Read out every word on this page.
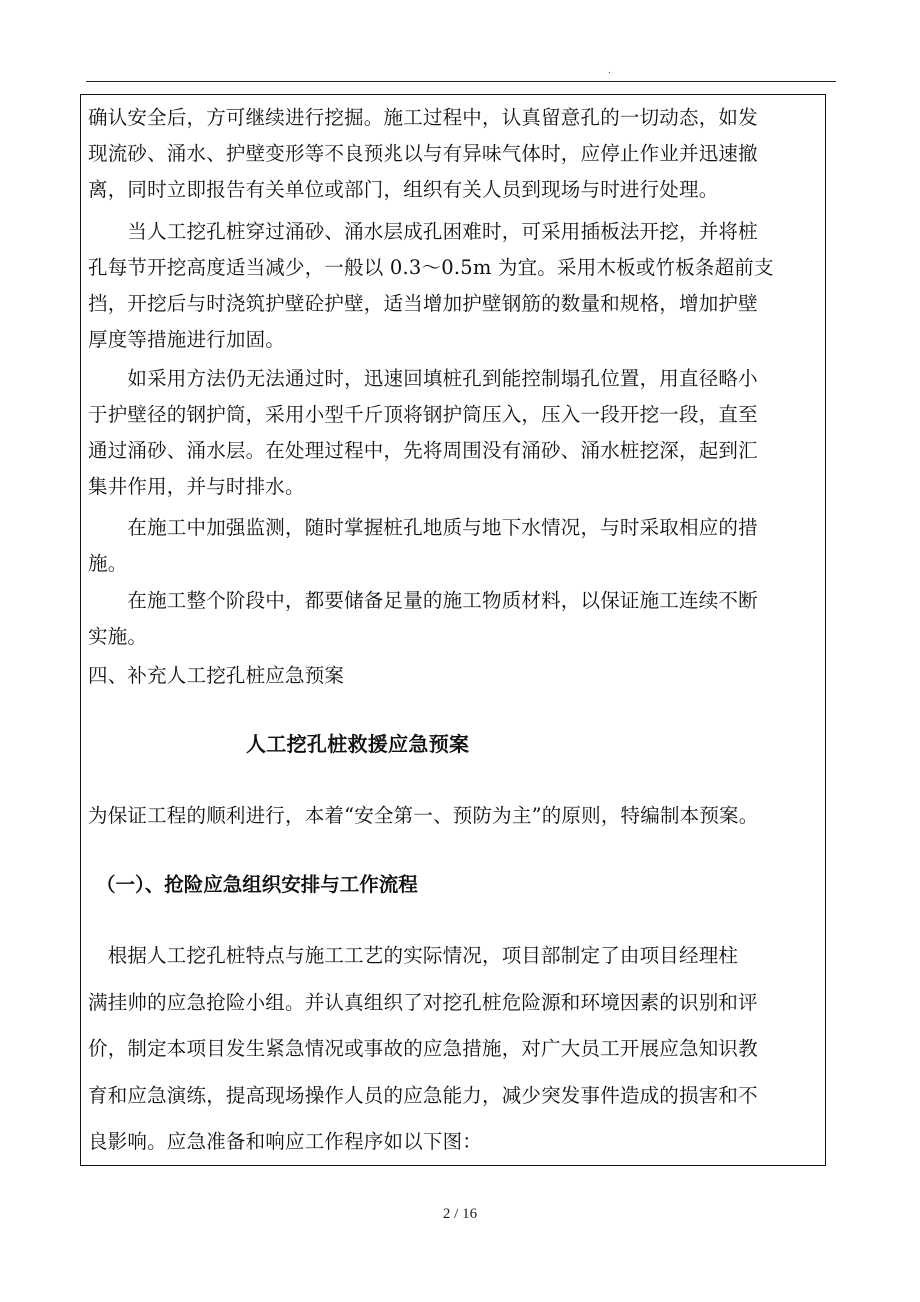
.
确认安全后，方可继续进行挖掘。施工过程中，认真留意孔的一切动态，如发
现流砂、涌水、护壁变形等不良预兆以与有异味气体时，应停止作业并迅速撤
离，同时立即报告有关单位或部门，组织有关人员到现场与时进行处理。
　　当人工挖孔桩穿过涌砂、涌水层成孔困难时，可采用插板法开挖，并将桩
孔每节开挖高度适当减少，一般以 0.3～0.5m 为宜。采用木板或竹板条超前支
挡，开挖后与时浇筑护壁砼护壁，适当增加护壁钢筋的数量和规格，增加护壁
厚度等措施进行加固。
　　如采用方法仍无法通过时，迅速回填桩孔到能控制塌孔位置，用直径略小
于护壁径的钢护筒，采用小型千斤顶将钢护筒压入，压入一段开挖一段，直至
通过涌砂、涌水层。在处理过程中，先将周围没有涌砂、涌水桩挖深，起到汇
集井作用，并与时排水。
　　在施工中加强监测，随时掌握桩孔地质与地下水情况，与时采取相应的措
施。
　　在施工整个阶段中，都要储备足量的施工物质材料，以保证施工连续不断
实施。
四、补充人工挖孔桩应急预案
人工挖孔桩救援应急预案
为保证工程的顺利进行，本着“安全第一、预防为主”的原则，特编制本预案。
（一）、抢险应急组织安排与工作流程
　根据人工挖孔桩特点与施工工艺的实际情况，项目部制定了由项目经理柱
满挂帅的应急抢险小组。并认真组织了对挖孔桩危险源和环境因素的识别和评
价，制定本项目发生紧急情况或事故的应急措施，对广大员工开展应急知识教
育和应急演练，提高现场操作人员的应急能力，减少突发事件造成的损害和不
良影响。应急准备和响应工作程序如以下图：
2 / 16
